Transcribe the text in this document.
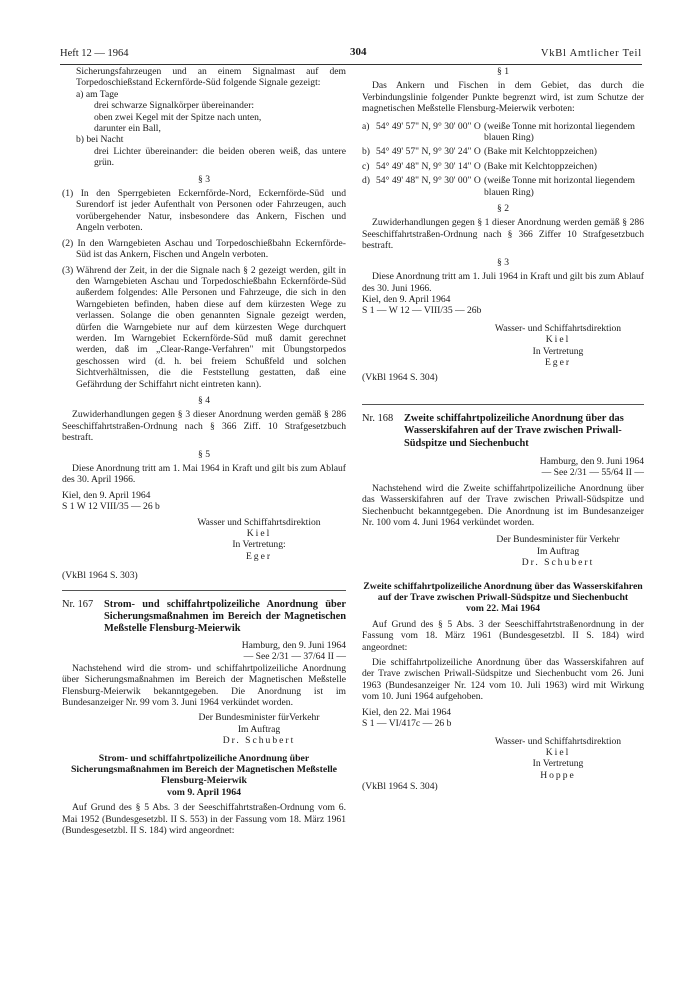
Heft 12 — 1964	304	VkBl Amtlicher Teil

Sicherungsfahrzeugen und an einem Signalmast auf dem Torpedoschießstand Eckernförde-Süd folgende Signale gezeigt:

a) am Tage

drei schwarze Signalkörper übereinander:

oben zwei Kegel mit der Spitze nach unten,

darunter ein Ball,

b) bei Nacht

drei Lichter übereinander: die beiden oberen weiß, das untere grün.

§ 3

(1) In den Sperrgebieten Eckernförde-Nord, Eckernförde-Süd und Surendorf ist jeder Aufenthalt von Personen oder Fahrzeugen, auch vorübergehender Natur, insbesondere das Ankern, Fischen und Angeln verboten.

(2) In den Warngebieten Aschau und Torpedoschießbahn Eckernförde-Süd ist das Ankern, Fischen und Angeln verboten.

(3) Während der Zeit, in der die Signale nach § 2 gezeigt werden, gilt in den Warngebieten Aschau und Torpedoschießbahn Eckernförde-Süd außerdem folgendes: Alle Personen und Fahrzeuge, die sich in den Warngebieten befinden, haben diese auf dem kürzesten Wege zu verlassen. Solange die oben genannten Signale gezeigt werden, dürfen die Warngebiete nur auf dem kürzesten Wege durchquert werden. Im Warngebiet Eckernförde-Süd muß damit gerechnet werden, daß im „Clear-Range-Verfahren" mit Übungstorpedos geschossen wird (d. h. bei freiem Schußfeld und solchen Sichtverhältnissen, die die Feststellung gestatten, daß eine Gefährdung der Schiffahrt nicht eintreten kann).

§ 4

Zuwiderhandlungen gegen § 3 dieser Anordnung werden gemäß § 286 Seeschiffahrtstraßen-Ordnung nach § 366 Ziff. 10 Strafgesetzbuch bestraft.

§ 5

Diese Anordnung tritt am 1. Mai 1964 in Kraft und gilt bis zum Ablauf des 30. April 1966.

Kiel, den 9. April 1964

S 1 W 12 VIII/35 — 26 b

Wasser und Schiffahrtsdirektion

Kiel

In Vertretung:

Eger

(VkBl 1964 S. 303)

Nr. 167 Strom- und schiffahrtpolizeiliche Anordnung über Sicherungsmaßnahmen im Bereich der Magnetischen Meßstelle Flensburg-Meierwik

Hamburg, den 9. Juni 1964

— See 2/31 — 37/64 II —

Nachstehend wird die strom- und schiffahrtpolizeiliche Anordnung über Sicherungsmaßnahmen im Bereich der Magnetischen Meßstelle Flensburg-Meierwik bekanntgegeben. Die Anordnung ist im Bundesanzeiger Nr. 99 vom 3. Juni 1964 verkündet worden.

Der Bundesminister fürVerkehr

Im Auftrag

Dr. Schubert

Strom- und schiffahrtpolizeiliche Anordnung über Sicherungsmaßnahmen im Bereich der Magnetischen Meßstelle Flensburg-Meierwik

vom 9. April 1964

Auf Grund des § 5 Abs. 3 der Seeschiffahrtstraßen-Ordnung vom 6. Mai 1952 (Bundesgesetzbl. II S. 553) in der Fassung vom 18. März 1961 (Bundesgesetzbl. II S. 184) wird angeordnet:

§ 1

Das Ankern und Fischen in dem Gebiet, das durch die Verbindungslinie folgender Punkte begrenzt wird, ist zum Schutze der magnetischen Meßstelle Flensburg-Meierwik verboten:

a) 54° 49' 57" N, 9° 30' 00" O (weiße Tonne mit horizontal liegendem blauen Ring)
b) 54° 49' 57" N, 9° 30' 24" O (Bake mit Kelchtoppzeichen)
c) 54° 49' 48" N, 9° 30' 14" O (Bake mit Kelchtoppzeichen)
d) 54° 49' 48" N, 9° 30' 00" O (weiße Tonne mit horizontal liegendem blauen Ring)

§ 2

Zuwiderhandlungen gegen § 1 dieser Anordnung werden gemäß § 286 Seeschiffahrtstraßen-Ordnung nach § 366 Ziffer 10 Strafgesetzbuch bestraft.

§ 3

Diese Anordnung tritt am 1. Juli 1964 in Kraft und gilt bis zum Ablauf des 30. Juni 1966.

Kiel, den 9. April 1964

S 1 — W 12 — VIII/35 — 26b

Wasser- und Schiffahrtsdirektion

Kiel

In Vertretung

Eger

(VkBl 1964 S. 304)

Nr. 168 Zweite schiffahrtpolizeiliche Anordnung über das Wasserskifahren auf der Trave zwischen Priwall-Südspitze und Siechenbucht

Hamburg, den 9. Juni 1964

— See 2/31 — 55/64 II —

Nachstehend wird die Zweite schiffahrtpolizeiliche Anordnung über das Wasserskifahren auf der Trave zwischen Priwall-Südspitze und Siechenbucht bekanntgegeben. Die Anordnung ist im Bundesanzeiger Nr. 100 vom 4. Juni 1964 verkündet worden.

Der Bundesminister für Verkehr

Im Auftrag

Dr. Schubert

Zweite schiffahrtpolizeiliche Anordnung über das Wasserskifahren auf der Trave zwischen Priwall-Südspitze und Siechenbucht

vom 22. Mai 1964

Auf Grund des § 5 Abs. 3 der Seeschiffahrtstraßenordnung in der Fassung vom 18. März 1961 (Bundesgesetzbl. II S. 184) wird angeordnet:

Die schiffahrtpolizeiliche Anordnung über das Wasserskifahren auf der Trave zwischen Priwall-Südspitze und Siechenbucht vom 26. Juni 1963 (Bundesanzeiger Nr. 124 vom 10. Juli 1963) wird mit Wirkung vom 10. Juni 1964 aufgehoben.

Kiel, den 22. Mai 1964

S 1 — VI/417c — 26 b

Wasser- und Schiffahrtsdirektion

Kiel

In Vertretung

Hoppe

(VkBl 1964 S. 304)
